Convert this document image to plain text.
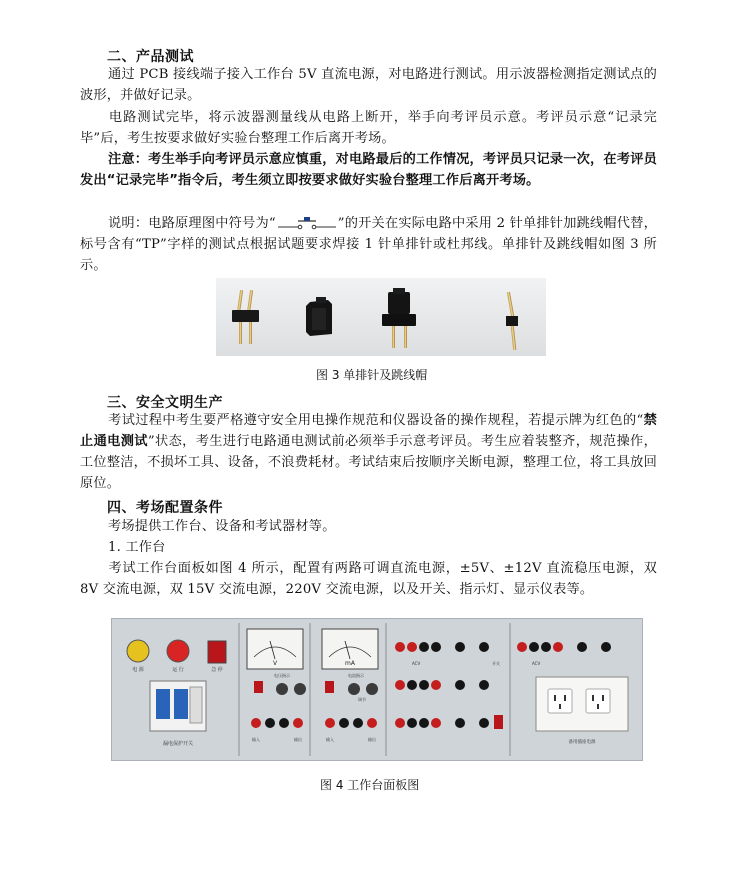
二、产品测试
通过 PCB 接线端子接入工作台 5V 直流电源，对电路进行测试。用示波器检测指定测试点的波形，并做好记录。
电路测试完毕，将示波器测量线从电路上断开，举手向考评员示意。考评员示意“记录完毕”后，考生按要求做好实验台整理工作后离开考场。
注意：考生举手向考评员示意应慎重，对电路最后的工作情况，考评员只记录一次，在考评员发出“记录完毕”指令后，考生须立即按要求做好实验台整理工作后离开考场。
说明：电路原理图中符号为“	”的开关在实际电路中采用 2 针单排针加跳线帽代替，标号含有“TP”字样的测试点根据试题要求焊接 1 针单排针或杜邦线。单排针及跳线帽如图 3 所示。
图 3 单排针及跳线帽
三、安全文明生产
考试过程中考生要严格遵守安全用电操作规范和仪器设备的操作规程，若提示牌为红色的“禁止通电测试”状态，考生进行电路通电测试前必须举手示意考评员。考生应着装整齐，规范操作，工位整洁，不损坏工具、设备，不浪费耗材。考试结束后按顺序关断电源，整理工位，将工具放回原位。
四、考场配置条件
考场提供工作台、设备和考试器材等。
1. 工作台
考试工作台面板如图 4 所示，配置有两路可调直流电源，±5V、±12V 直流稳压电源，双 8V 交流电源，双 15V 交流电源，220V 交流电源，以及开关、指示灯、显示仪表等。
电 源	运 行	急 停
漏电保护开关
V
电压指示
输入	输出
mA
电流指示
调节
输入	输出
ACV	开关	ACV
备用插座电源
图 4 工作台面板图
